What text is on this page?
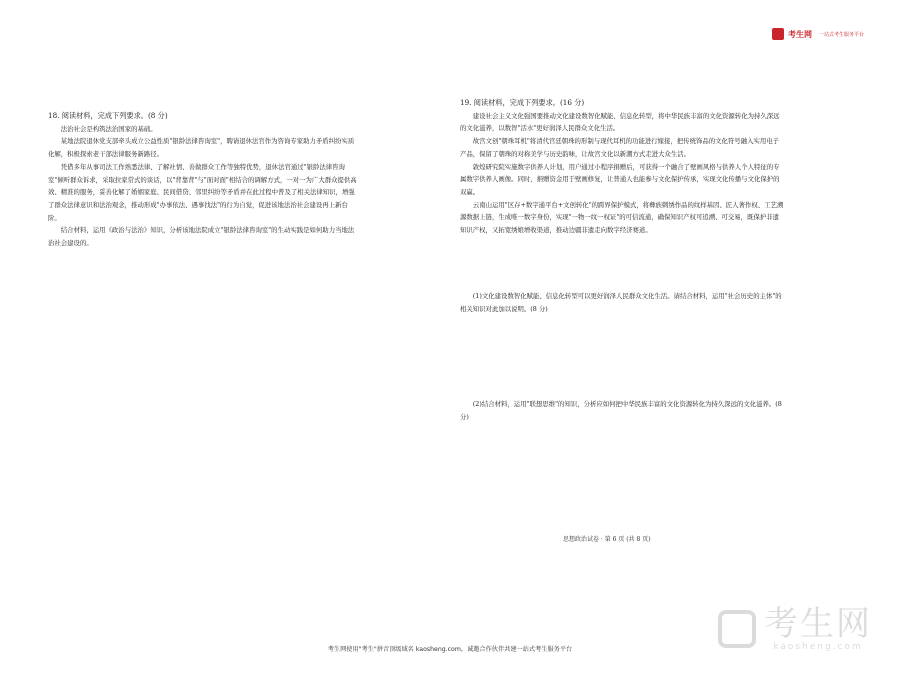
考生网 一站式考生服务平台

18. 阅读材料，完成下列要求。(8 分)

法治社会是构筑法治国家的基础。

某地法院退休党支部牵头成立公益性质"银龄法律咨询室"，聘请退休法官作为咨询专家助力矛盾纠纷实质化解，积极探索老干部法律服务新路径。

凭借多年从事司法工作熟悉法律、了解社情、善做群众工作等独特优势，退休法官通过"银龄法律咨询室"倾听群众诉求，采取拉家常式的谈话，以"背靠背"与"面对面"相结合的调解方式，一对一为广大群众提供高效、精准的服务，妥善化解了婚姻家庭、民间借贷、邻里纠纷等矛盾并在此过程中普及了相关法律知识，增强了群众法律意识和法治观念，推动形成"办事依法、遇事找法"的行为自觉，促进该地法治社会建设再上新台阶。

结合材料，运用《政治与法治》知识，分析该地法院成立"银龄法律咨询室"的生动实践是如何助力当地法治社会建设的。

19. 阅读材料，完成下列要求。(16 分)

建设社会主义文化强国要推动文化建设数智化赋能、信息化转型，将中华民族丰富的文化资源转化为持久深远的文化滋养，以数智"活水"更好润泽人民群众文化生活。

故宫文创"朝珠耳机"将清代官廷朝珠的形制与现代耳机的功能进行嫁接，把传统饰品的文化符号融入实用电子产品，保留了朝珠的对称美学与历史韵味，让故宫文化以新潮方式走进大众生活。

敦煌研究院实施数字供养人计划，用户通过小程序捐赠后，可获得一个融合了壁画风格与供养人个人特征的专属数字供养人画像。同时，捐赠资金用于壁画修复，让普通人也能参与文化保护传承，实现文化传播与文化保护的双赢。

云南山运用"区存+数字通平台+文创转化"的跨界保护模式，将彝族刺绣作品的纹样基因、匠人著作权、工艺溯源数据上链，生成唯一数字身份，实现"一物一纹一权证"的可信流通，确保知识产权可追溯、可交易，既保护非遗知识产权，又拓宽绣娘增收渠道，推动边疆非遗走向数字经济赛道。

(1)文化建设数智化赋能、信息化转型可以更好润泽人民群众文化生活。请结合材料，运用"社会历史的主体"的相关知识对此加以说明。(8 分)

(2)结合材料，运用"联想思维"的知识，分析应如何把中华民族丰富的文化资源转化为持久深远的文化滋养。(8 分)

思想政治试卷 · 第 6 页 (共 8 页)
考生网
kaosheng.com
考生网使用"考生"拼音顶级域名 kaosheng.com，诚邀合作伙伴共建一站式考生服务平台
